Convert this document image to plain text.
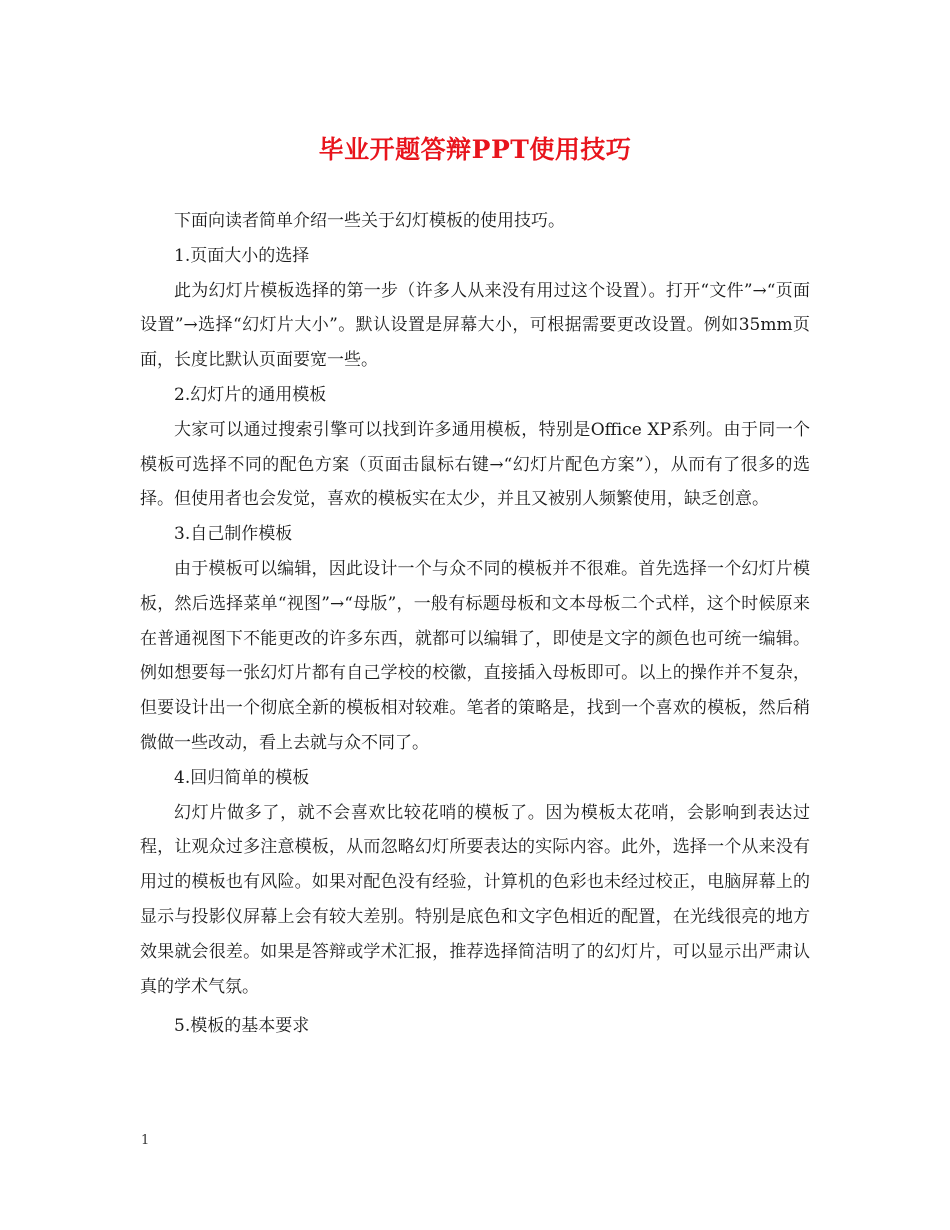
毕业开题答辩PPT使用技巧

下面向读者简单介绍一些关于幻灯模板的使用技巧。

1.页面大小的选择

此为幻灯片模板选择的第一步（许多人从来没有用过这个设置）。打开“文件”→“页面设置”→选择“幻灯片大小”。默认设置是屏幕大小，可根据需要更改设置。例如35mm页面，长度比默认页面要宽一些。

2.幻灯片的通用模板

大家可以通过搜索引擎可以找到许多通用模板，特别是Office XP系列。由于同一个模板可选择不同的配色方案（页面击鼠标右键→“幻灯片配色方案”），从而有了很多的选择。但使用者也会发觉，喜欢的模板实在太少，并且又被别人频繁使用，缺乏创意。

3.自己制作模板

由于模板可以编辑，因此设计一个与众不同的模板并不很难。首先选择一个幻灯片模板，然后选择菜单“视图”→“母版”，一般有标题母板和文本母板二个式样，这个时候原来在普通视图下不能更改的许多东西，就都可以编辑了，即使是文字的颜色也可统一编辑。例如想要每一张幻灯片都有自己学校的校徽，直接插入母板即可。以上的操作并不复杂，但要设计出一个彻底全新的模板相对较难。笔者的策略是，找到一个喜欢的模板，然后稍微做一些改动，看上去就与众不同了。

4.回归简单的模板

幻灯片做多了，就不会喜欢比较花哨的模板了。因为模板太花哨，会影响到表达过程，让观众过多注意模板，从而忽略幻灯所要表达的实际内容。此外，选择一个从来没有用过的模板也有风险。如果对配色没有经验，计算机的色彩也未经过校正，电脑屏幕上的显示与投影仪屏幕上会有较大差别。特别是底色和文字色相近的配置，在光线很亮的地方效果就会很差。如果是答辩或学术汇报，推荐选择简洁明了的幻灯片，可以显示出严肃认真的学术气氛。

5.模板的基本要求

1
